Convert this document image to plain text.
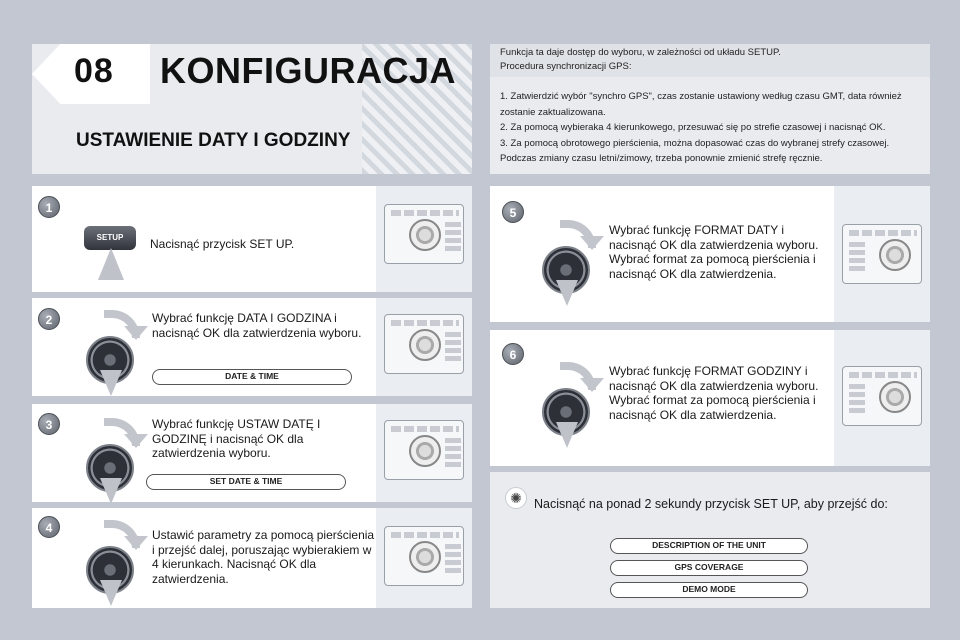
08 KONFIGURACJA
USTAWIENIE DATY I GODZINY
Funkcja ta daje dostęp do wyboru, w zależności od układu SETUP.
Procedura synchronizacji GPS:
1. Zatwierdzić wybór "synchro GPS", czas zostanie ustawiony według czasu GMT, data również zostanie zaktualizowana.
2. Za pomocą wybieraka 4 kierunkowego, przesuwać się po strefie czasowej i nacisnąć OK.
3. Za pomocą obrotowego pierścienia, można dopasować czas do wybranej strefy czasowej.
Podczas zmiany czasu letni/zimowy, trzeba ponownie zmienić strefę ręcznie.
1
SETUP	Nacisnąć przycisk SET UP.
2	Wybrać funkcję DATA I GODZINA i nacisnąć OK dla zatwierdzenia wyboru.
DATE & TIME
3	Wybrać funkcję USTAW DATĘ I GODZINĘ i nacisnąć OK dla zatwierdzenia wyboru.
SET DATE & TIME
4	Ustawić parametry za pomocą pierścienia i przejść dalej, poruszając wybierakiem w 4 kierunkach. Nacisnąć OK dla zatwierdzenia.
5
Wybrać funkcję FORMAT DATY i nacisnąć OK dla zatwierdzenia wyboru. Wybrać format za pomocą pierścienia i nacisnąć OK dla zatwierdzenia.
6
Wybrać funkcję FORMAT GODZINY i nacisnąć OK dla zatwierdzenia wyboru. Wybrać format za pomocą pierścienia i nacisnąć OK dla zatwierdzenia.
✺ Nacisnąć na ponad 2 sekundy przycisk SET UP, aby przejść do:
DESCRIPTION OF THE UNIT
GPS COVERAGE
DEMO MODE
